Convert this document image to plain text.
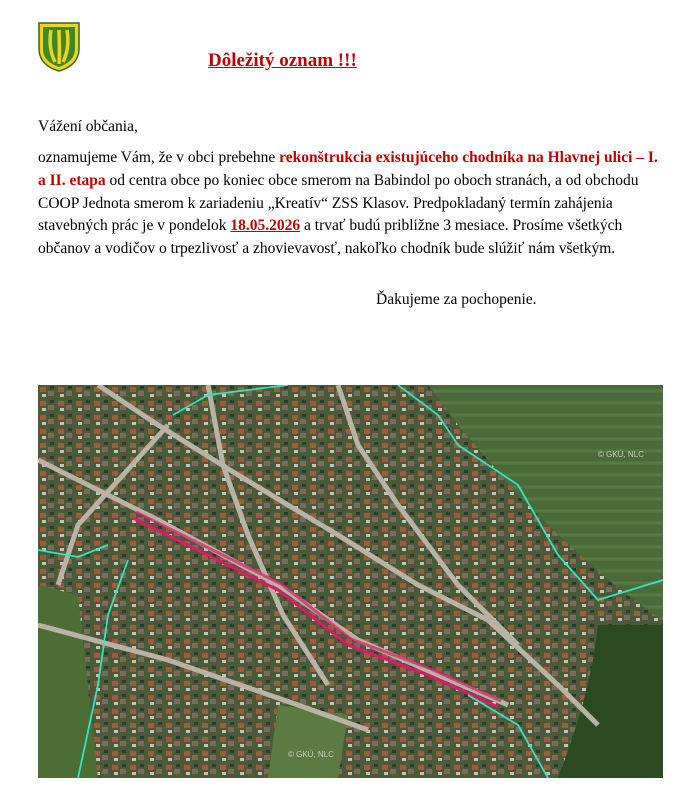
Dôležitý oznam !!!
Vážení občania,
oznamujeme Vám, že v obci prebehne rekonštrukcia existujúceho chodníka na Hlavnej ulici – I. a II. etapa od centra obce po koniec obce smerom na Babindol po oboch stranách, a od obchodu COOP Jednota smerom k zariadeniu „Kreatív“ ZSS Klasov. Predpokladaný termín zahájenia stavebných prác je v pondelok 18.05.2026 a trvať budú približne 3 mesiace. Prosíme všetkých občanov a vodičov o trpezlivosť a zhovievavosť, nakoľko chodník bude slúžiť nám všetkým.
Ďakujeme za pochopenie.
© GKÚ, NLC
© GKÚ, NLC
